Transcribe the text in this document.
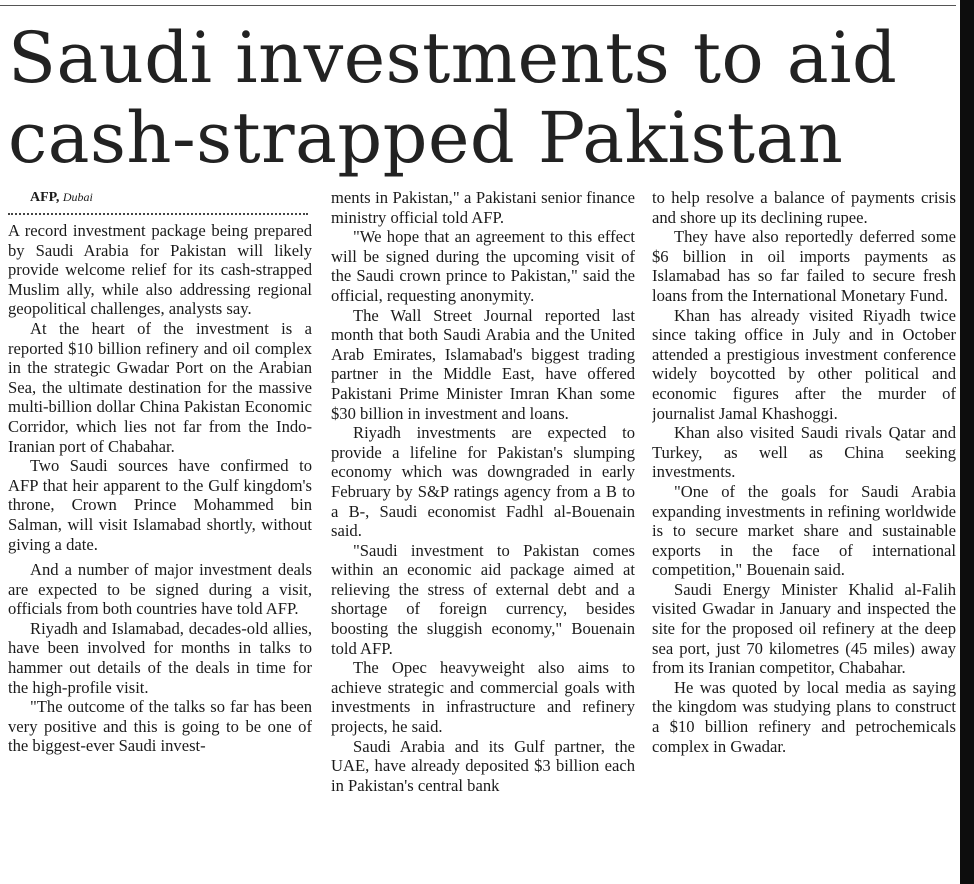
Saudi investments to aid cash-strapped Pakistan

AFP, Dubai

A record investment package being prepared by Saudi Arabia for Pakistan will likely provide welcome relief for its cash-strapped Muslim ally, while also addressing regional geopolitical challenges, analysts say.

At the heart of the investment is a reported $10 billion refinery and oil complex in the strategic Gwadar Port on the Arabian Sea, the ultimate destination for the massive multi-billion dollar China Pakistan Economic Corridor, which lies not far from the Indo-Iranian port of Chabahar.

Two Saudi sources have confirmed to AFP that heir apparent to the Gulf kingdom's throne, Crown Prince Mohammed bin Salman, will visit Islamabad shortly, without giving a date.

And a number of major investment deals are expected to be signed during a visit, officials from both countries have told AFP.

Riyadh and Islamabad, decades-old allies, have been involved for months in talks to hammer out details of the deals in time for the high-profile visit.

"The outcome of the talks so far has been very positive and this is going to be one of the biggest-ever Saudi invest-

ments in Pakistan," a Pakistani senior finance ministry official told AFP.

"We hope that an agreement to this effect will be signed during the upcoming visit of the Saudi crown prince to Pakistan," said the official, requesting anonymity.

The Wall Street Journal reported last month that both Saudi Arabia and the United Arab Emirates, Islamabad's biggest trading partner in the Middle East, have offered Pakistani Prime Minister Imran Khan some $30 billion in investment and loans.

Riyadh investments are expected to provide a lifeline for Pakistan's slumping economy which was downgraded in early February by S&P ratings agency from a B to a B-, Saudi economist Fadhl al-Bouenain said.

"Saudi investment to Pakistan comes within an economic aid package aimed at relieving the stress of external debt and a shortage of foreign currency, besides boosting the sluggish economy," Bouenain told AFP.

The Opec heavyweight also aims to achieve strategic and commercial goals with investments in infrastructure and refinery projects, he said.

Saudi Arabia and its Gulf partner, the UAE, have already deposited $3 billion each in Pakistan's central bank

to help resolve a balance of payments crisis and shore up its declining rupee.

They have also reportedly deferred some $6 billion in oil imports payments as Islamabad has so far failed to secure fresh loans from the International Monetary Fund.

Khan has already visited Riyadh twice since taking office in July and in October attended a prestigious investment conference widely boycotted by other political and economic figures after the murder of journalist Jamal Khashoggi.

Khan also visited Saudi rivals Qatar and Turkey, as well as China seeking investments.

"One of the goals for Saudi Arabia expanding investments in refining worldwide is to secure market share and sustainable exports in the face of international competition," Bouenain said.

Saudi Energy Minister Khalid al-Falih visited Gwadar in January and inspected the site for the proposed oil refinery at the deep sea port, just 70 kilometres (45 miles) away from its Iranian competitor, Chabahar.

He was quoted by local media as saying the kingdom was studying plans to construct a $10 billion refinery and petrochemicals complex in Gwadar.
